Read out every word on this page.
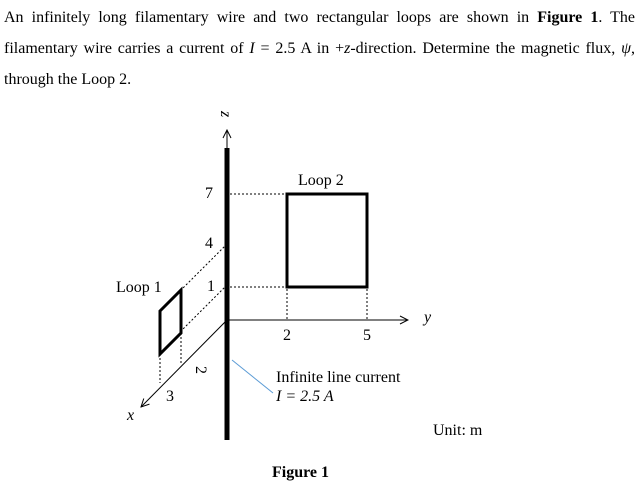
An infinitely long filamentary wire and two rectangular loops are shown in Figure 1. The filamentary wire carries a current of I = 2.5 A in +z-direction. Determine the magnetic flux, ψ, through the Loop 2.
z
y
x
Loop 1
Loop 2
7
4
1
2	5
2
3
Infinite line current
I = 2.5 A
Unit: m
Figure 1
